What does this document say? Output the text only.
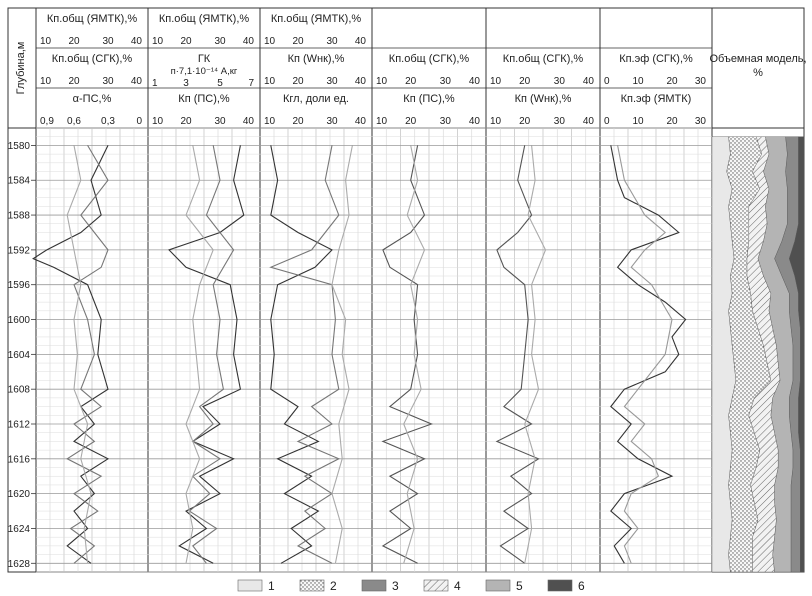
Кп.общ (ЯМТК),%
10 20 30 40
Кп.общ (СГК),%
10 20 30 40
α-ПС,%
0,9 0,6 0,3 0
Кп.общ (ЯМТК),%
10 20 30 40
ГК
п·7,1·10⁻¹⁴ А,кг
1	3	5	7
Кп (ПС),%
10 20 30 40
Кп.общ (ЯМТК),%
10 20 30 40
Кп (Wнк),%
10 20 30 40
Кгл, доли ед.
10 20 30 40
Кп.общ (СГК),%
10 20 30 40
Кп (ПС),%
10 20 30 40
Кп.общ (СГК),%
10 20 30 40
Кп (Wнк),%
10 20 30 40
Кп.эф (СГК),%
0 10 20 30
Кп.эф (ЯМТК)
0 10 20 30
Объемная модель,
%
Глубина,м
1580
1584
1588
1592
1596
1600
1604
1608
1612
1616
1620
1624
1628
1	2	3	4	5	6
